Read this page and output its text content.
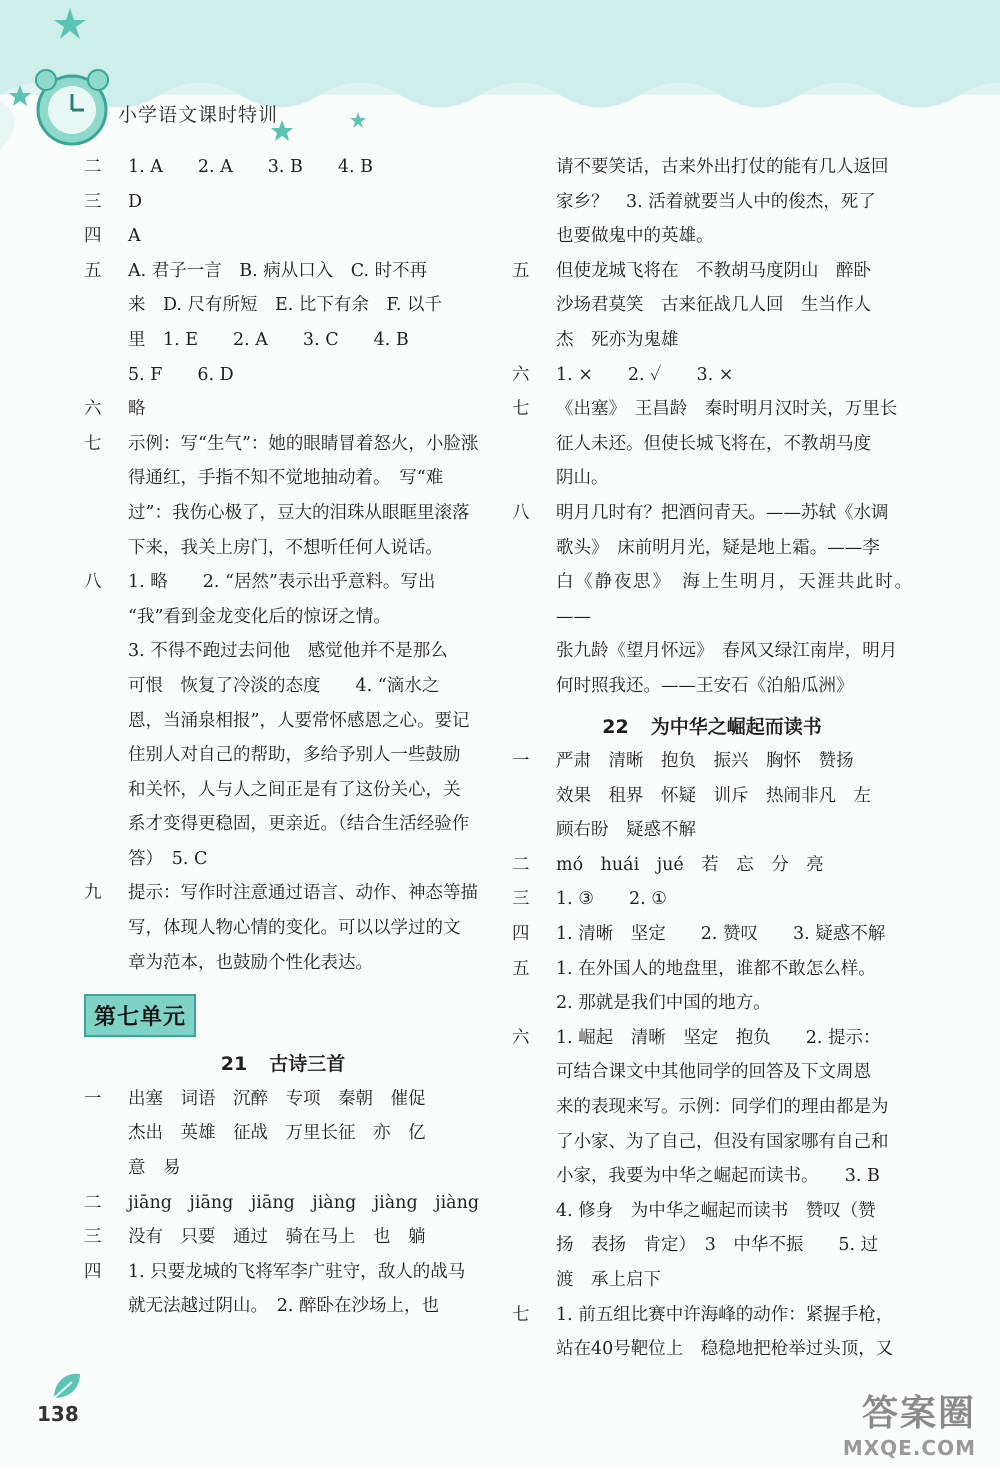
小学语文课时特训
二	1. A　　2. A　　3. B　　4. B
三	D
四	A
五	A. 君子一言　B. 病从口入　C. 时不再
来　D. 尺有所短　E. 比下有余　F. 以千
里　1. E　　2. A　　3. C　　4. B
5. F　　6. D
六	略
七	示例：写“生气”：她的眼睛冒着怒火，小脸涨
得通红，手指不知不觉地抽动着。　写“难
过”：我伤心极了，豆大的泪珠从眼眶里滚落
下来，我关上房门，不想听任何人说话。
八	1. 略　　2. “居然”表示出乎意料。写出
“我”看到金龙变化后的惊讶之情。
3. 不得不跑过去问他　感觉他并不是那么
可恨　恢复了冷淡的态度　　4. “滴水之
恩，当涌泉相报”，人要常怀感恩之心。要记
住别人对自己的帮助，多给予别人一些鼓励
和关怀，人与人之间正是有了这份关心，关
系才变得更稳固，更亲近。（结合生活经验作
答）　5. C
九	提示：写作时注意通过语言、动作、神态等描
写，体现人物心情的变化。可以以学过的文
章为范本，也鼓励个性化表达。
第七单元
21 古诗三首
一	出塞　词语　沉醉　专项　秦朝　催促
杰出　英雄　征战　万里长征　亦　亿
意　易
二	jiāng　jiāng　jiāng　jiàng　jiàng　jiàng
三	没有　只要　通过　骑在马上　也　躺
四	1. 只要龙城的飞将军李广驻守，敌人的战马
就无法越过阴山。　2. 醉卧在沙场上，也
请不要笑话，古来外出打仗的能有几人返回
家乡？　3. 活着就要当人中的俊杰，死了
也要做鬼中的英雄。
五	但使龙城飞将在　不教胡马度阴山　醉卧
沙场君莫笑　古来征战几人回　生当作人
杰　死亦为鬼雄
六	1. ×　　2. ✓　　3. ×
七	《出塞》　王昌龄　秦时明月汉时关，万里长
征人未还。但使长城飞将在，不教胡马度
阴山。
八	明月几时有？把酒问青天。——苏轼《水调
歌头》　床前明月光，疑是地上霜。——李
白《静夜思》　海上生明月，天涯共此时。——
张九龄《望月怀远》　春风又绿江南岸，明月
何时照我还。——王安石《泊船瓜洲》
22 为中华之崛起而读书
一	严肃　清晰　抱负　振兴　胸怀　赞扬
效果　租界　怀疑　训斥　热闹非凡　左
顾右盼　疑惑不解
二	mó　huái　jué　若　忘　分　亮
三	1. ③　　2. ①
四	1. 清晰　坚定　　2. 赞叹　　3. 疑惑不解
五	1. 在外国人的地盘里，谁都不敢怎么样。
2. 那就是我们中国的地方。
六	1. 崛起　清晰　坚定　抱负　　2. 提示：
可结合课文中其他同学的回答及下文周恩
来的表现来写。示例：同学们的理由都是为
了小家、为了自己，但没有国家哪有自己和
小家，我要为中华之崛起而读书。　　3. B
4. 修身　为中华之崛起而读书　赞叹（赞
扬　表扬　肯定）　3　中华不振　　5. 过
渡　承上启下
七	1. 前五组比赛中许海峰的动作：紧握手枪，
站在40号靶位上　稳稳地把枪举过头顶，又
138	答案圈
MXQE.COM
